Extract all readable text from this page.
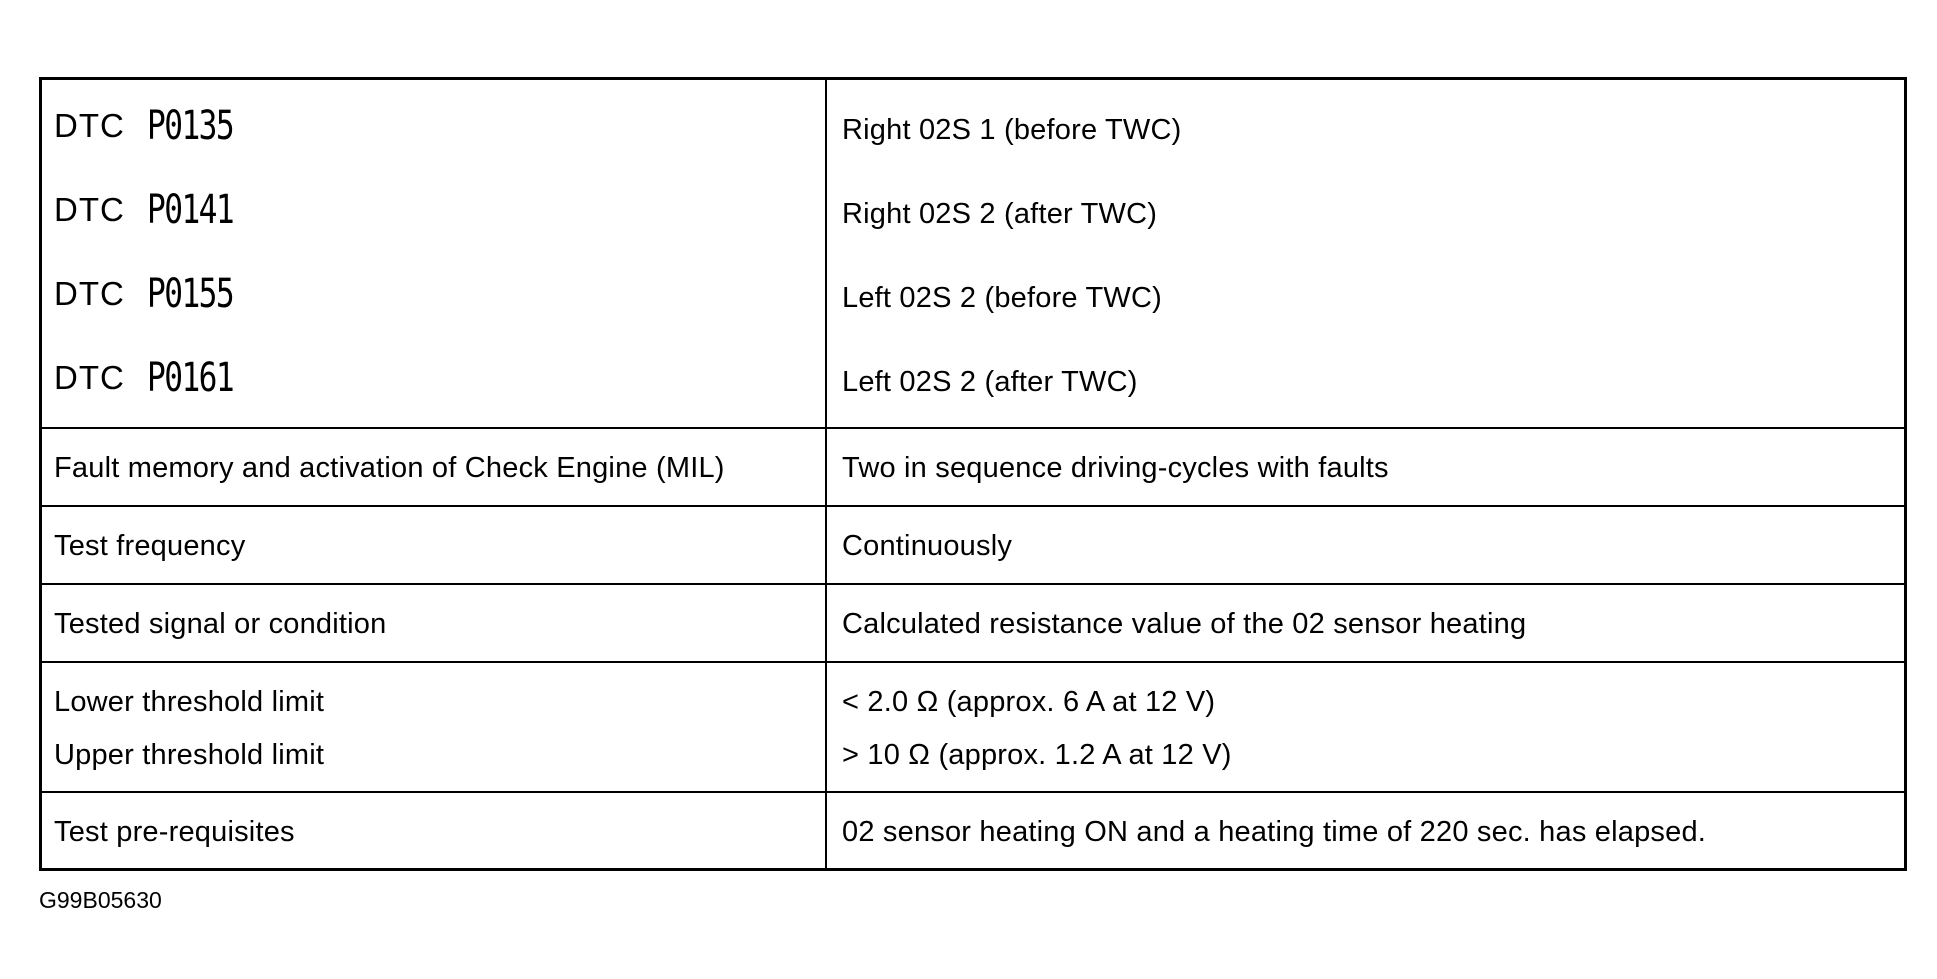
DTC P0135	Right 02S 1 (before TWC)
DTC P0141	Right 02S 2 (after TWC)
DTC P0155	Left 02S 2 (before TWC)
DTC P0161	Left 02S 2 (after TWC)
Fault memory and activation of Check Engine (MIL)	Two in sequence driving-cycles with faults
Test frequency	Continuously
Tested signal or condition	Calculated resistance value of the 02 sensor heating
Lower threshold limit	< 2.0 Ω (approx. 6 A at 12 V)
Upper threshold limit	> 10 Ω (approx. 1.2 A at 12 V)
Test pre-requisites	02 sensor heating ON and a heating time of 220 sec. has elapsed.
G99B05630
